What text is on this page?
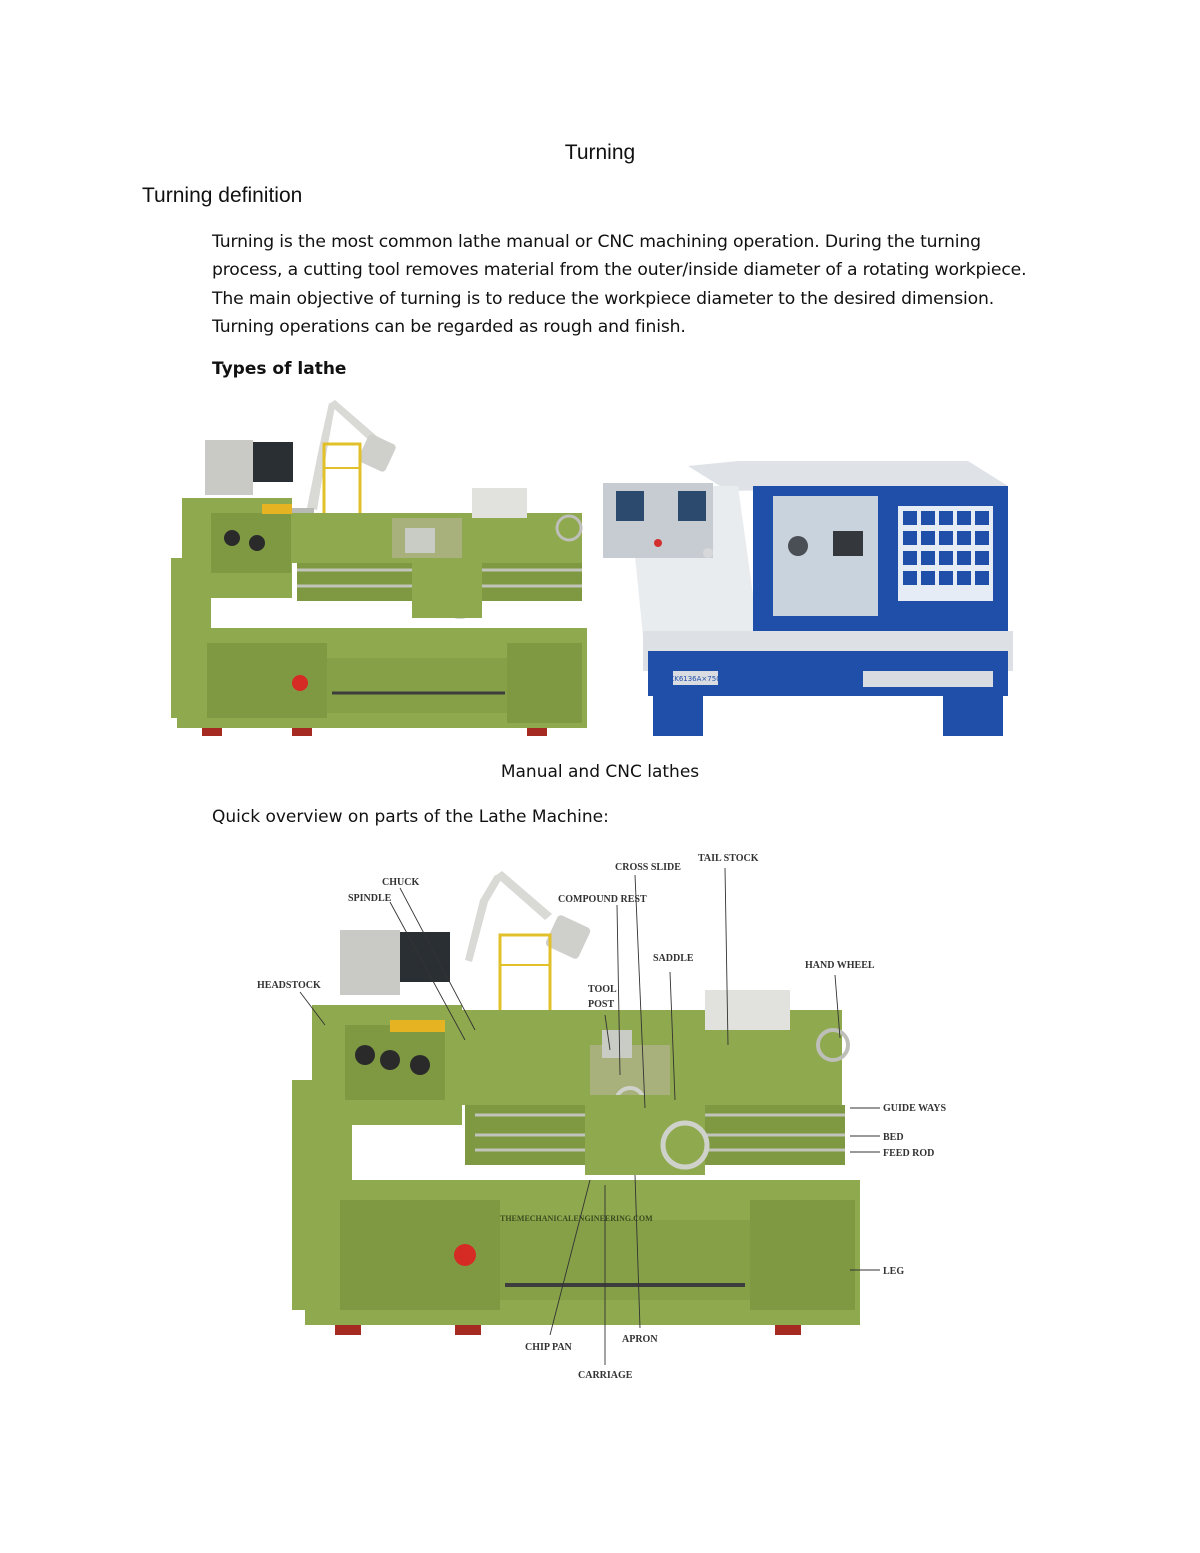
Turning
Turning definition

Turning is the most common lathe manual or CNC machining operation. During the turning process, a cutting tool removes material from the outer/inside diameter of a rotating workpiece. The main objective of turning is to reduce the workpiece diameter to the desired dimension. Turning operations can be regarded as rough and finish.

Types of lathe
CK6136A×750
Manual and CNC lathes
Quick overview on parts of the Lathe Machine:
THEMECHANICALENGINEERING.COM
CHUCK
SPINDLE
HEADSTOCK
CROSS SLIDE
COMPOUND REST
TAIL STOCK
SADDLE
TOOL
POST
HAND WHEEL
GUIDE WAYS
BED
FEED ROD
LEG
CHIP PAN
APRON
CARRIAGE
